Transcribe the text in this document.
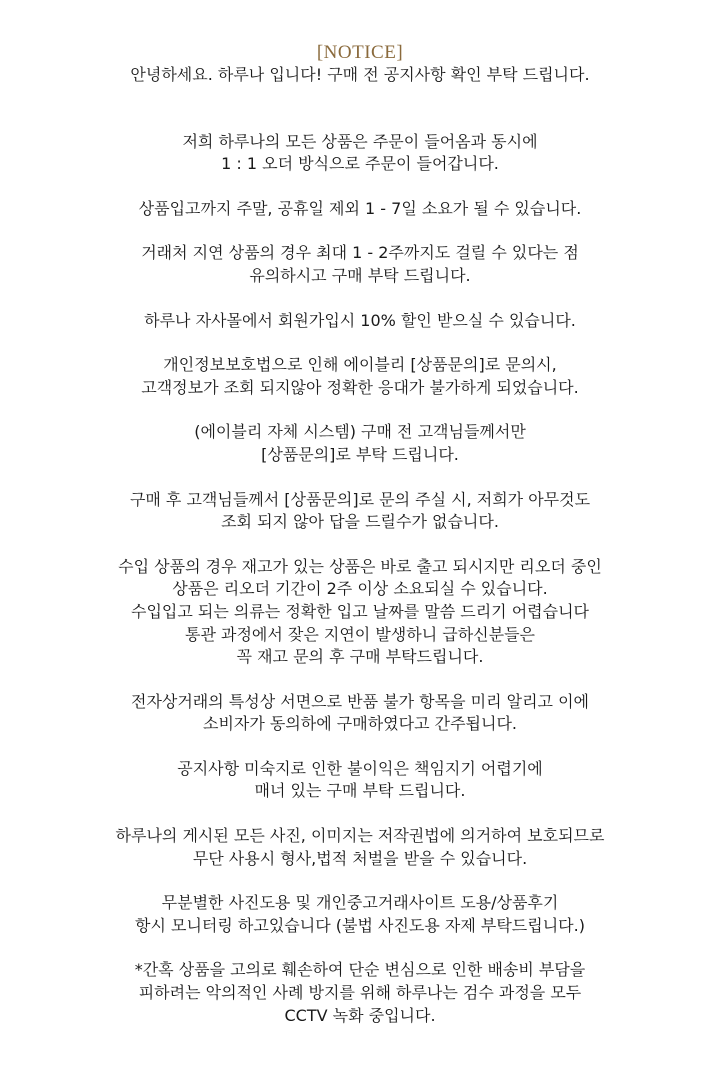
[NOTICE]
안녕하세요. 하루나 입니다! 구매 전 공지사항 확인 부탁 드립니다.
저희 하루나의 모든 상품은 주문이 들어옴과 동시에
1 : 1 오더 방식으로 주문이 들어갑니다.
상품입고까지 주말, 공휴일 제외 1 - 7일 소요가 될 수 있습니다.
거래처 지연 상품의 경우 최대 1 - 2주까지도 걸릴 수 있다는 점
유의하시고 구매 부탁 드립니다.
하루나 자사몰에서 회원가입시 10% 할인 받으실 수 있습니다.
개인정보보호법으로 인해 에이블리 [상품문의]로 문의시,
고객정보가 조회 되지않아 정확한 응대가 불가하게 되었습니다.
(에이블리 자체 시스템) 구매 전 고객님들께서만
[상품문의]로 부탁 드립니다.
구매 후 고객님들께서 [상품문의]로 문의 주실 시, 저희가 아무것도
조회 되지 않아 답을 드릴수가 없습니다.
수입 상품의 경우 재고가 있는 상품은 바로 출고 되시지만 리오더 중인
상품은 리오더 기간이 2주 이상 소요되실 수 있습니다.
수입입고 되는 의류는 정확한 입고 날짜를 말씀 드리기 어렵습니다
통관 과정에서 잦은 지연이 발생하니 급하신분들은
꼭 재고 문의 후 구매 부탁드립니다.
전자상거래의 특성상 서면으로 반품 불가 항목을 미리 알리고 이에
소비자가 동의하에 구매하였다고 간주됩니다.
공지사항 미숙지로 인한 불이익은 책임지기 어렵기에
매너 있는 구매 부탁 드립니다.
하루나의 게시된 모든 사진, 이미지는 저작권법에 의거하여 보호되므로
무단 사용시 형사,법적 처벌을 받을 수 있습니다.
무분별한 사진도용 및 개인중고거래사이트 도용/상품후기
항시 모니터링 하고있습니다 (불법 사진도용 자제 부탁드립니다.)
*간혹 상품을 고의로 훼손하여 단순 변심으로 인한 배송비 부담을
피하려는 악의적인 사례 방지를 위해 하루나는 검수 과정을 모두
CCTV 녹화 중입니다.
